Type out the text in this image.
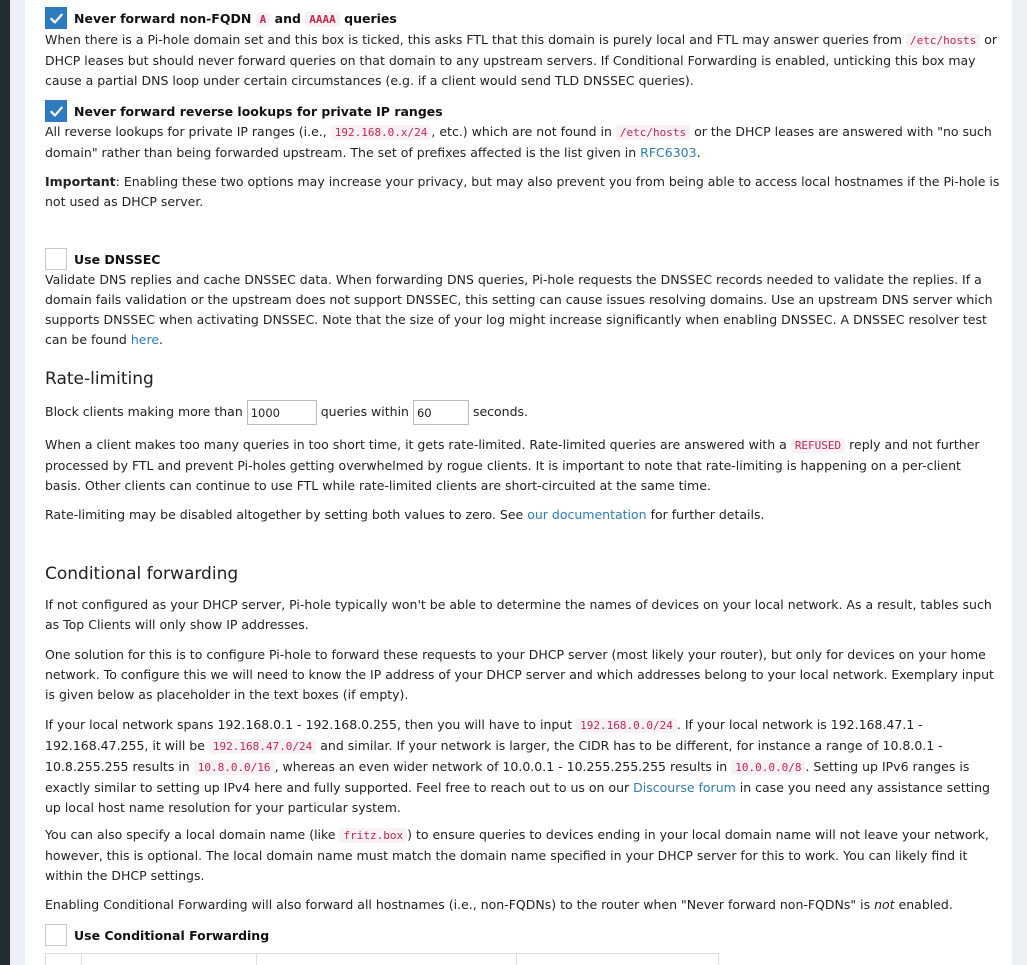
Never forward non-FQDN A and AAAA queries

When there is a Pi-hole domain set and this box is ticked, this asks FTL that this domain is purely local and FTL may answer queries from /etc/hosts or DHCP leases but should never forward queries on that domain to any upstream servers. If Conditional Forwarding is enabled, unticking this box may cause a partial DNS loop under certain circumstances (e.g. if a client would send TLD DNSSEC queries).

Never forward reverse lookups for private IP ranges

All reverse lookups for private IP ranges (i.e., 192.168.0.x/24 , etc.) which are not found in /etc/hosts or the DHCP leases are answered with "no such domain" rather than being forwarded upstream. The set of prefixes affected is the list given in RFC6303.

Important: Enabling these two options may increase your privacy, but may also prevent you from being able to access local hostnames if the Pi-hole is not used as DHCP server.

Use DNSSEC

Validate DNS replies and cache DNSSEC data. When forwarding DNS queries, Pi-hole requests the DNSSEC records needed to validate the replies. If a domain fails validation or the upstream does not support DNSSEC, this setting can cause issues resolving domains. Use an upstream DNS server which supports DNSSEC when activating DNSSEC. Note that the size of your log might increase significantly when enabling DNSSEC. A DNSSEC resolver test can be found here.

Rate-limiting
Block clients making more than 1000	queries within 60	seconds.

When a client makes too many queries in too short time, it gets rate-limited. Rate-limited queries are answered with a REFUSED reply and not further processed by FTL and prevent Pi-holes getting overwhelmed by rogue clients. It is important to note that rate-limiting is happening on a per-client basis. Other clients can continue to use FTL while rate-limited clients are short-circuited at the same time.

Rate-limiting may be disabled altogether by setting both values to zero. See our documentation for further details.

Conditional forwarding

If not configured as your DHCP server, Pi-hole typically won't be able to determine the names of devices on your local network. As a result, tables such as Top Clients will only show IP addresses.

One solution for this is to configure Pi-hole to forward these requests to your DHCP server (most likely your router), but only for devices on your home network. To configure this we will need to know the IP address of your DHCP server and which addresses belong to your local network. Exemplary input is given below as placeholder in the text boxes (if empty).

If your local network spans 192.168.0.1 - 192.168.0.255, then you will have to input 192.168.0.0/24 . If your local network is 192.168.47.1 - 192.168.47.255, it will be 192.168.47.0/24 and similar. If your network is larger, the CIDR has to be different, for instance a range of 10.8.0.1 - 10.8.255.255 results in 10.8.0.0/16 , whereas an even wider network of 10.0.0.1 - 10.255.255.255 results in 10.0.0.0/8 . Setting up IPv6 ranges is exactly similar to setting up IPv4 here and fully supported. Feel free to reach out to us on our Discourse forum in case you need any assistance setting up local host name resolution for your particular system.

You can also specify a local domain name (like fritz.box ) to ensure queries to devices ending in your local domain name will not leave your network, however, this is optional. The local domain name must match the domain name specified in your DHCP server for this to work. You can likely find it within the DHCP settings.

Enabling Conditional Forwarding will also forward all hostnames (i.e., non-FQDNs) to the router when "Never forward non-FQDNs" is not enabled.

Use Conditional Forwarding
